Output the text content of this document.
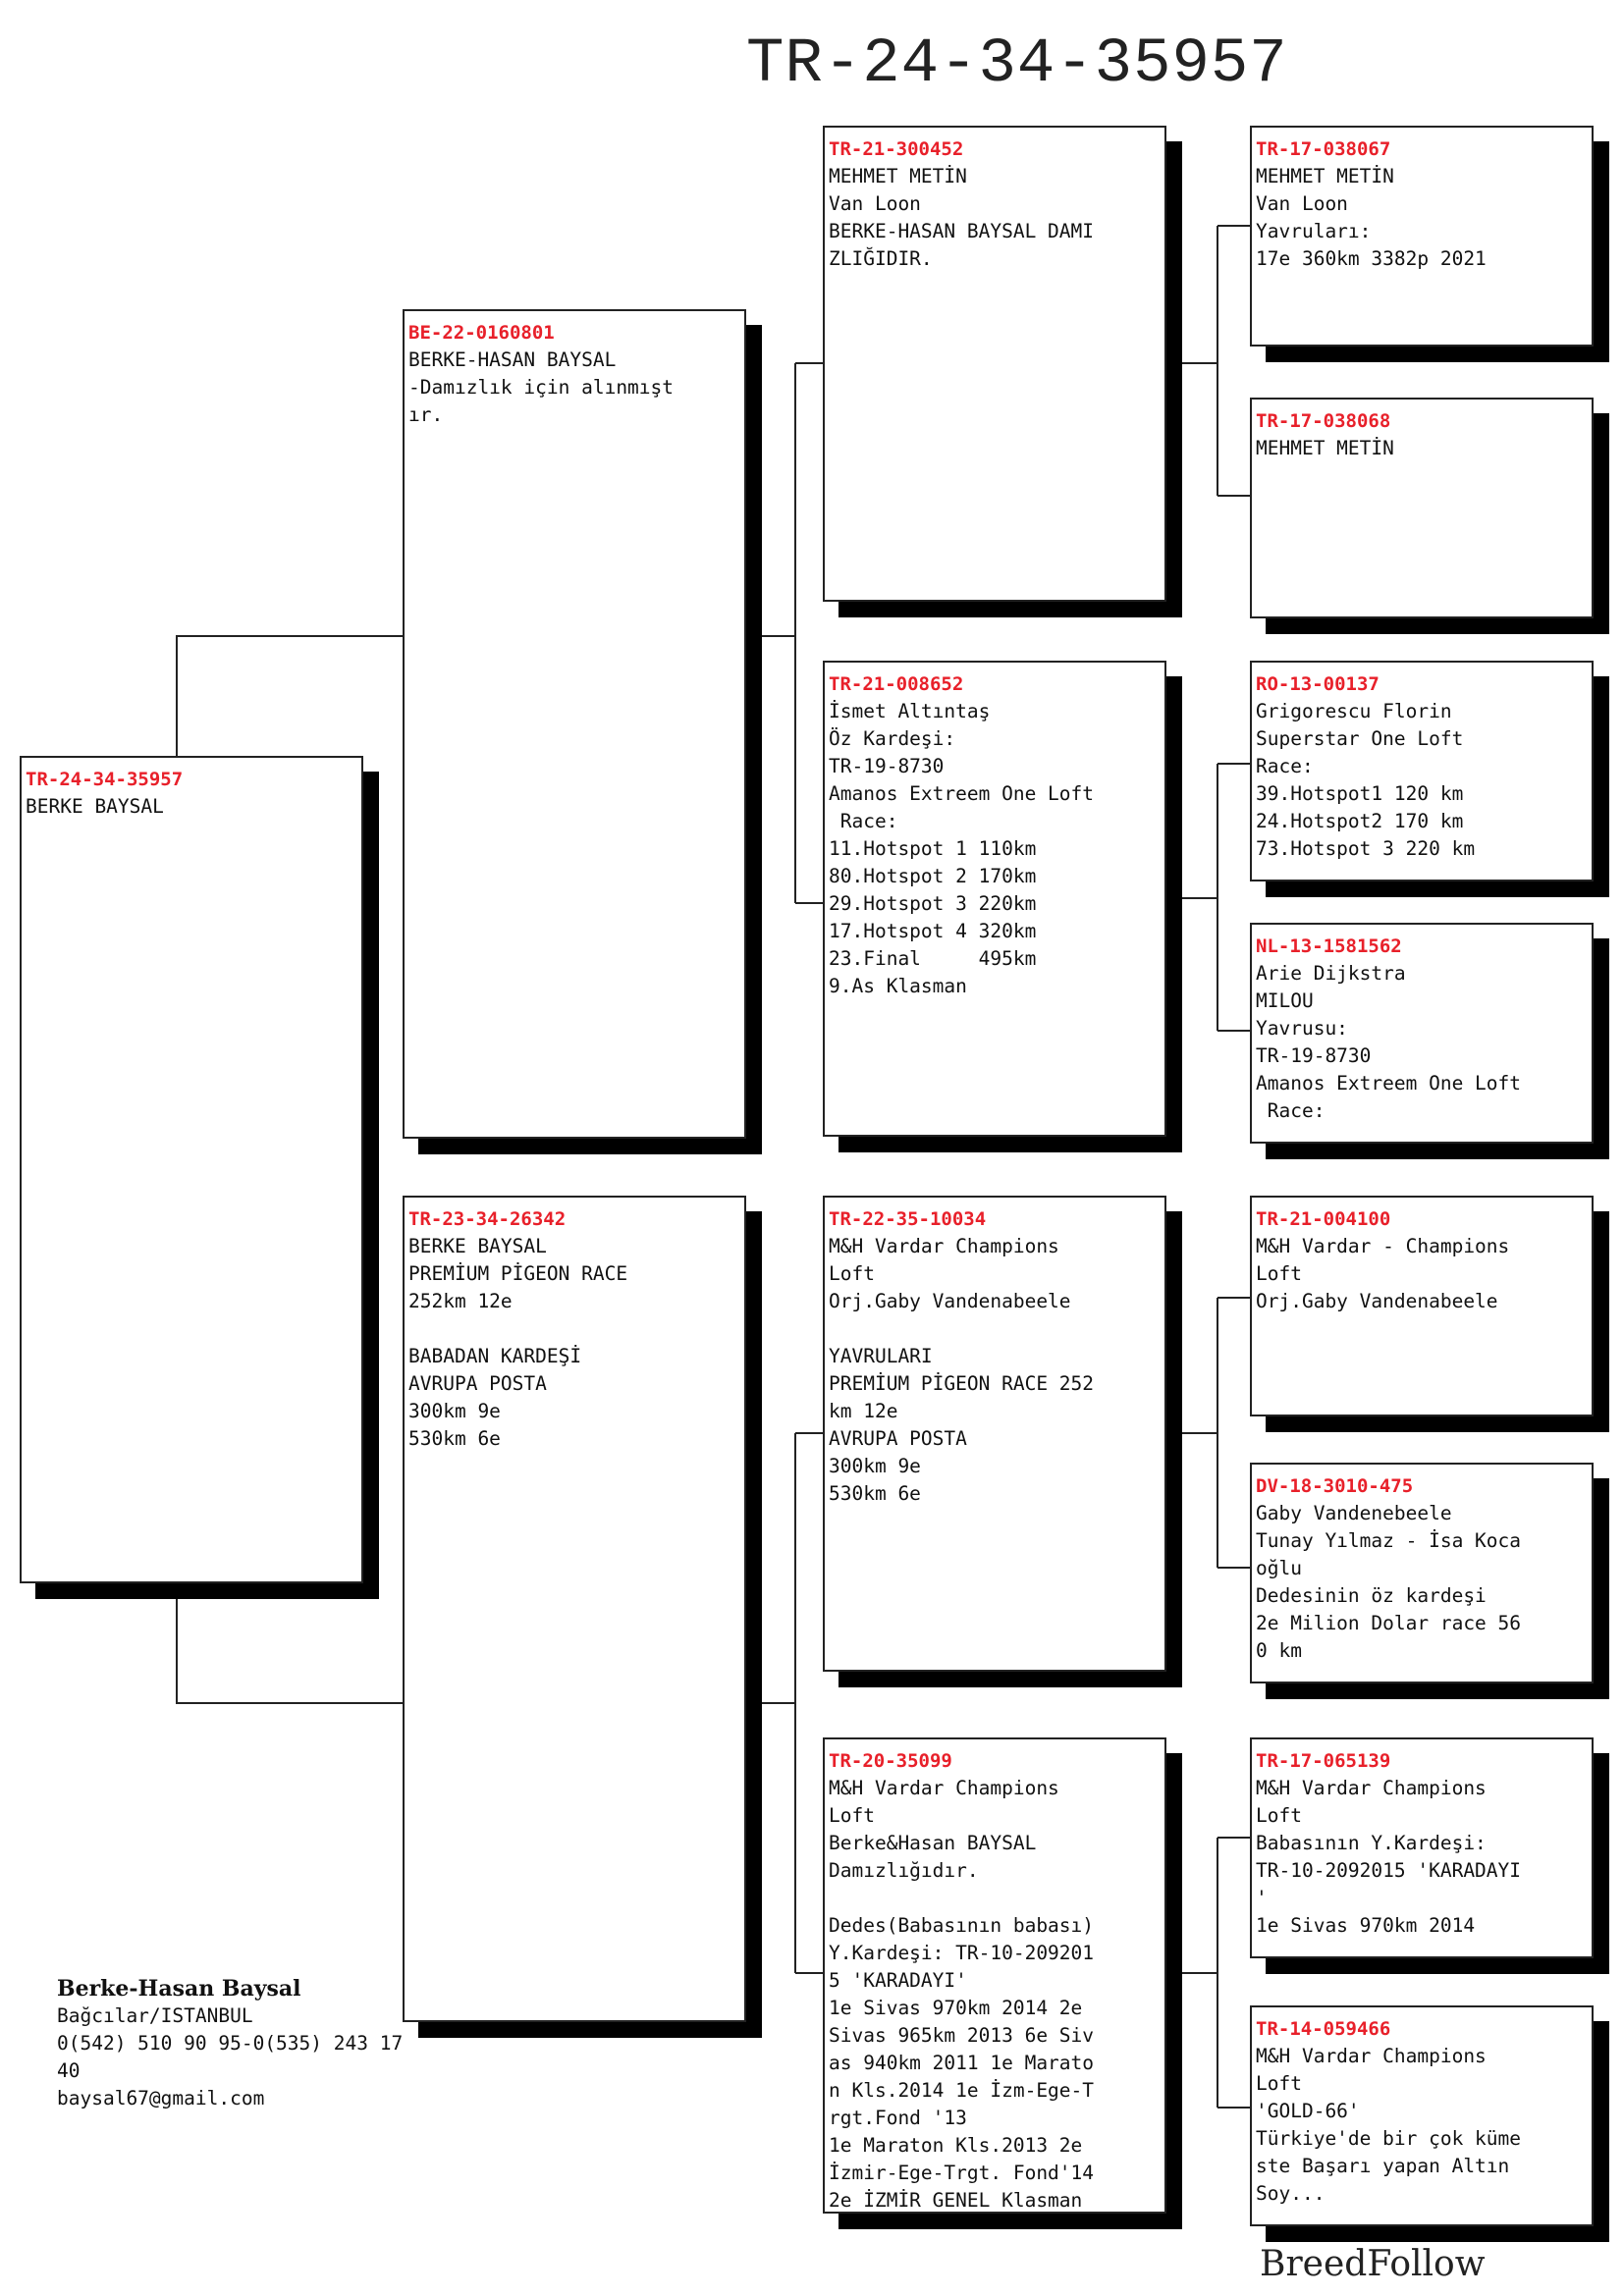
TR-24-34-35957
TR-24-34-35957
BERKE BAYSAL
BE-22-0160801
BERKE-HASAN BAYSAL
-Damızlık için alınmışt
ır.
TR-23-34-26342
BERKE BAYSAL
PREMİUM PİGEON RACE
252km 12e

BABADAN KARDEŞİ
AVRUPA POSTA
300km 9e
530km 6e
TR-21-300452
MEHMET METİN
Van Loon
BERKE-HASAN BAYSAL DAMI
ZLIĞIDIR.
TR-21-008652
İsmet Altıntaş
Öz Kardeşi:
TR-19-8730
Amanos Extreem One Loft
Race:
11.Hotspot 1 110km
80.Hotspot 2 170km
29.Hotspot 3 220km
17.Hotspot 4 320km
23.Final     495km
9.As Klasman
TR-22-35-10034
M&H Vardar Champions
Loft
Orj.Gaby Vandenabeele

YAVRULARI
PREMİUM PİGEON RACE 252
km 12e
AVRUPA POSTA
300km 9e
530km 6e
TR-20-35099
M&H Vardar Champions
Loft
Berke&Hasan BAYSAL
Damızlığıdır.

Dedes(Babasının babası)
Y.Kardeşi: TR-10-209201
5 'KARADAYI'
1e Sivas 970km 2014 2e
Sivas 965km 2013 6e Siv
as 940km 2011 1e Marato
n Kls.2014 1e İzm-Ege-T
rgt.Fond '13
1e Maraton Kls.2013 2e
İzmir-Ege-Trgt. Fond'14
2e İZMİR GENEL Klasman
TR-17-038067
MEHMET METİN
Van Loon
Yavruları:
17e 360km 3382p 2021
TR-17-038068
MEHMET METİN
RO-13-00137
Grigorescu Florin
Superstar One Loft
Race:
39.Hotspot1 120 km
24.Hotspot2 170 km
73.Hotspot 3 220 km
NL-13-1581562
Arie Dijkstra
MILOU
Yavrusu:
TR-19-8730
Amanos Extreem One Loft
Race:
TR-21-004100
M&H Vardar - Champions
Loft
Orj.Gaby Vandenabeele
DV-18-3010-475
Gaby Vandenebeele
Tunay Yılmaz - İsa Koca
oğlu
Dedesinin öz kardeşi
2e Milion Dolar race 56
0 km
TR-17-065139
M&H Vardar Champions
Loft
Babasının Y.Kardeşi:
TR-10-2092015 'KARADAYI
'
1e Sivas 970km 2014
TR-14-059466
M&H Vardar Champions
Loft
'GOLD-66'
Türkiye'de bir çok küme
ste Başarı yapan Altın
Soy...
Berke-Hasan Baysal
Bağcılar/ISTANBUL
0(542) 510 90 95-0(535) 243 17
40
baysal67@gmail.com
BreedFollow
